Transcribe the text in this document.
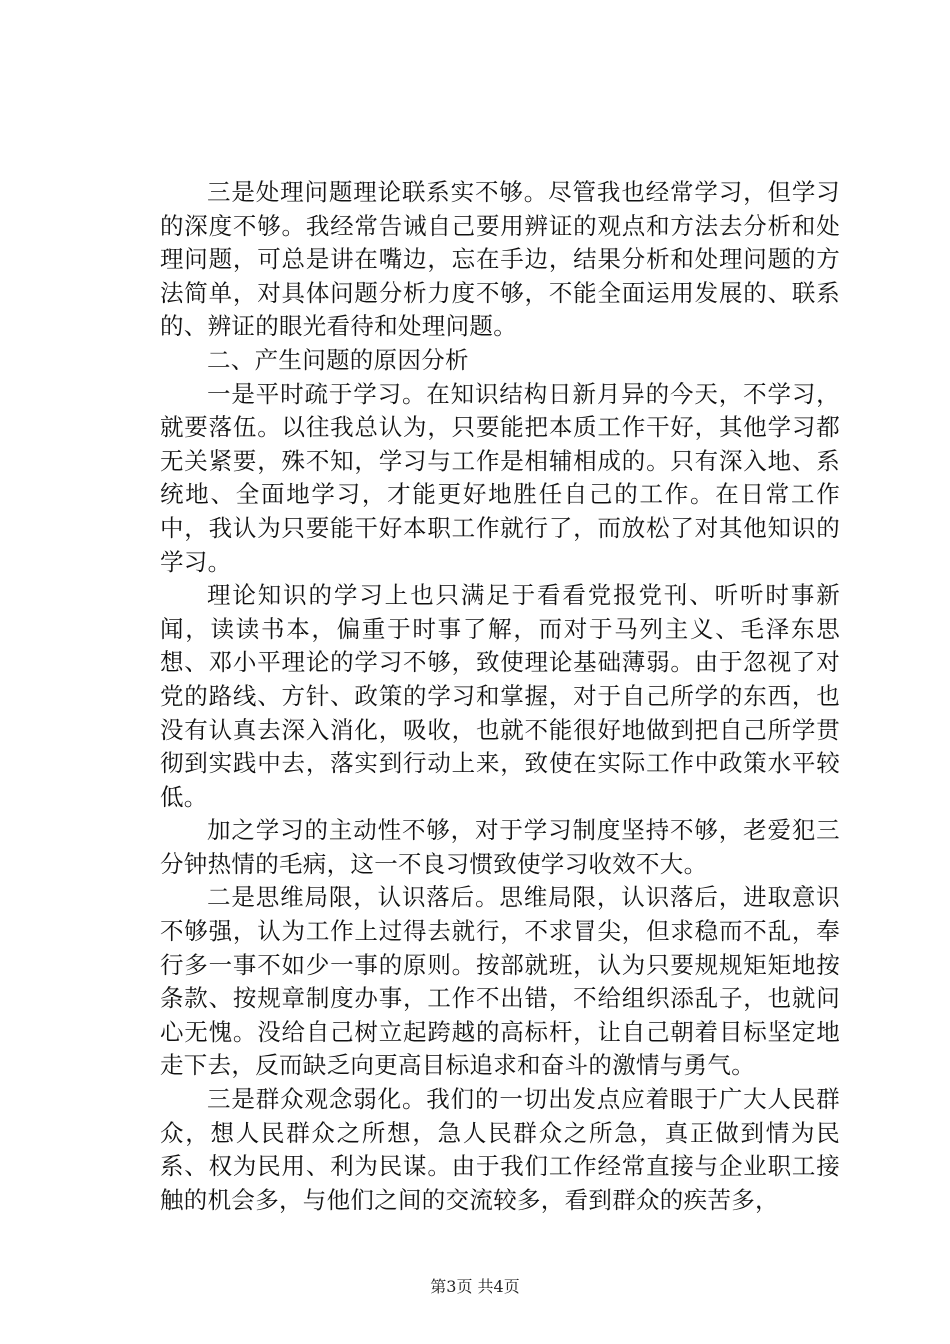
三是处理问题理论联系实不够。尽管我也经常学习，但学习的深度不够。我经常告诫自己要用辨证的观点和方法去分析和处理问题，可总是讲在嘴边，忘在手边，结果分析和处理问题的方法简单，对具体问题分析力度不够，不能全面运用发展的、联系的、辨证的眼光看待和处理问题。

二、产生问题的原因分析

一是平时疏于学习。在知识结构日新月异的今天，不学习，就要落伍。以往我总认为，只要能把本质工作干好，其他学习都无关紧要，殊不知，学习与工作是相辅相成的。只有深入地、系统地、全面地学习，才能更好地胜任自己的工作。在日常工作中，我认为只要能干好本职工作就行了，而放松了对其他知识的学习。

理论知识的学习上也只满足于看看党报党刊、听听时事新闻，读读书本，偏重于时事了解，而对于马列主义、毛泽东思想、邓小平理论的学习不够，致使理论基础薄弱。由于忽视了对党的路线、方针、政策的学习和掌握，对于自己所学的东西，也没有认真去深入消化，吸收，也就不能很好地做到把自己所学贯彻到实践中去，落实到行动上来，致使在实际工作中政策水平较低。

加之学习的主动性不够，对于学习制度坚持不够，老爱犯三分钟热情的毛病，这一不良习惯致使学习收效不大。

二是思维局限，认识落后。思维局限，认识落后，进取意识不够强，认为工作上过得去就行，不求冒尖，但求稳而不乱，奉行多一事不如少一事的原则。按部就班，认为只要规规矩矩地按条款、按规章制度办事，工作不出错，不给组织添乱子，也就问心无愧。没给自己树立起跨越的高标杆，让自己朝着目标坚定地走下去，反而缺乏向更高目标追求和奋斗的激情与勇气。

三是群众观念弱化。我们的一切出发点应着眼于广大人民群众，想人民群众之所想，急人民群众之所急，真正做到情为民系、权为民用、利为民谋。由于我们工作经常直接与企业职工接触的机会多，与他们之间的交流较多，看到群众的疾苦多，

第3页 共4页
